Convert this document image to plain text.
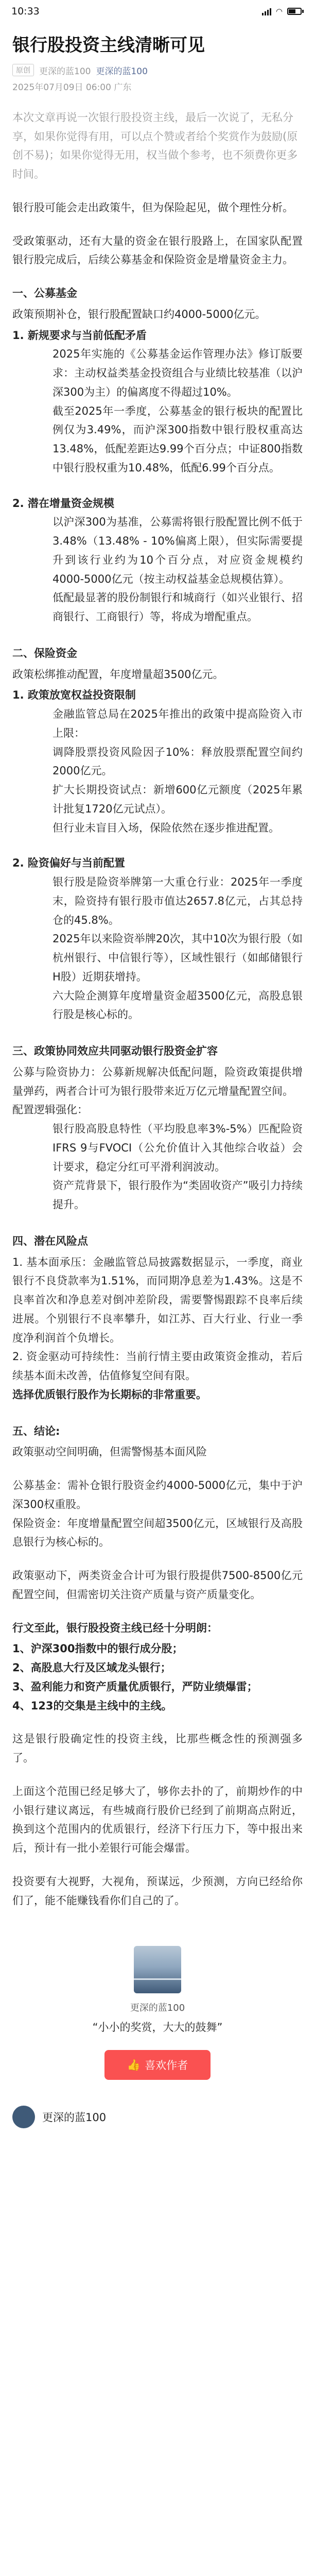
10:33	◠
银行股投资主线清晰可见
原创	更深的蓝100 更深的蓝100
2025年07月09日 06:00 广东

本次文章再说一次银行股投资主线，最后一次说了，无私分享，如果你觉得有用，可以点个赞或者给个奖赏作为鼓励(原创不易)；如果你觉得无用，权当做个参考，也不须费你更多时间。

银行股可能会走出政策牛，但为保险起见，做个理性分析。

受政策驱动，还有大量的资金在银行股路上，在国家队配置银行股完成后，后续公募基金和保险资金是增量资金主力。

一、公募基金

政策预期补仓，银行股配置缺口约4000-5000亿元。

1. 新规要求与当前低配矛盾

2025年实施的《公募基金运作管理办法》修订版要求：主动权益类基金投资组合与业绩比较基准（以沪深300为主）的偏离度不得超过10%。

截至2025年一季度，公募基金的银行板块的配置比例仅为3.49%，而沪深300指数中银行股权重高达13.48%，低配差距达9.99个百分点；中证800指数中银行股权重为10.48%，低配6.99个百分点。

2. 潜在增量资金规模

以沪深300为基准，公募需将银行股配置比例不低于3.48%（13.48% - 10%偏离上限），但实际需要提升到该行业约为10个百分点，对应资金规模约4000-5000亿元（按主动权益基金总规模估算）。

低配最显著的股份制银行和城商行（如兴业银行、招商银行、工商银行）等，将成为增配重点。

二、保险资金

政策松绑推动配置，年度增量超3500亿元。

1. 政策放宽权益投资限制

金融监管总局在2025年推出的政策中提高险资入市上限：

调降股票投资风险因子10%：释放股票配置空间约2000亿元。

扩大长期投资试点：新增600亿元额度（2025年累计批复1720亿元试点）。

但行业未盲目入场，保险依然在逐步推进配置。

2. 险资偏好与当前配置

银行股是险资举牌第一大重仓行业：2025年一季度末，险资持有银行股市值达2657.8亿元，占其总持仓的45.8%。

2025年以来险资举牌20次，其中10次为银行股（如杭州银行、中信银行等），区域性银行（如邮储银行H股）近期获增持。

六大险企测算年度增量资金超3500亿元，高股息银行股是核心标的。

三、政策协同效应共同驱动银行股资金扩容

公募与险资协力：公募新规解决低配问题，险资政策提供增量弹药，两者合计可为银行股带来近万亿元增量配置空间。

配置逻辑强化：

银行股高股息特性（平均股息率3%-5%）匹配险资IFRS 9与FVOCI（公允价值计入其他综合收益）会计要求，稳定分红可平滑利润波动。

资产荒背景下，银行股作为“类固收资产”吸引力持续提升。

四、潜在风险点

1. 基本面承压：金融监管总局披露数据显示，一季度，商业银行不良贷款率为1.51%，而同期净息差为1.43%。这是不良率首次和净息差对倒冲差阶段，需要警惕跟踪不良率后续进展。个别银行不良率攀升，如江苏、百大行业、行业一季度净利润首个负增长。

2. 资金驱动可持续性：当前行情主要由政策资金推动，若后续基本面未改善，估值修复空间有限。

选择优质银行股作为长期标的非常重要。

五、结论:

政策驱动空间明确，但需警惕基本面风险

公募基金：需补仓银行股资金约4000-5000亿元，集中于沪深300权重股。

保险资金：年度增量配置空间超3500亿元，区域银行及高股息银行为核心标的。

政策驱动下，两类资金合计可为银行股提供7500-8500亿元配置空间，但需密切关注资产质量与资产质量变化。

行文至此，银行股投资主线已经十分明朗：

1、沪深300指数中的银行成分股；

2、高股息大行及区域龙头银行；

3、盈利能力和资产质量优质银行，严防业绩爆雷；

4、123的交集是主线中的主线。

这是银行股确定性的投资主线，比那些概念性的预测强多了。

上面这个范围已经足够大了，够你去扑的了，前期炒作的中小银行建议离远，有些城商行股价已经到了前期高点附近，换到这个范围内的优质银行，经济下行压力下，等中报出来后，预计有一批小差银行可能会爆雷。

投资要有大视野，大视角，预谋远，少预测，方向已经给你们了，能不能赚钱看你们自己的了。

更深的蓝100
“小小的奖赏，大大的鼓舞”
👍 喜欢作者
更深的蓝100
